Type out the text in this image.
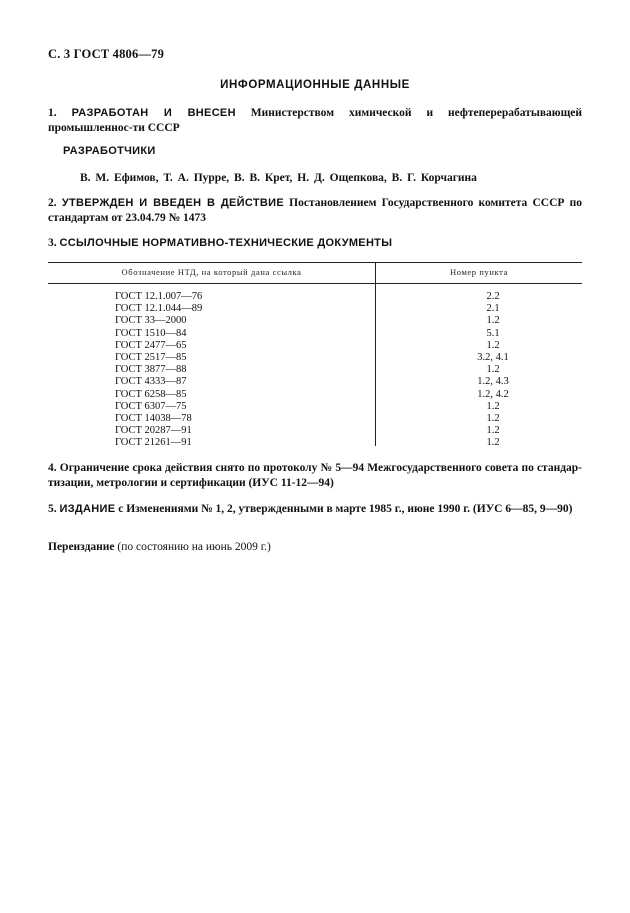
С. 3 ГОСТ 4806—79
ИНФОРМАЦИОННЫЕ ДАННЫЕ
1. РАЗРАБОТАН И ВНЕСЕН Министерством химической и нефтеперерабатывающей промышленнос-ти СССР
РАЗРАБОТЧИКИ
В. М. Ефимов, Т. А. Пурре, В. В. Крет, Н. Д. Ощепкова, В. Г. Корчагина
2. УТВЕРЖДЕН И ВВЕДЕН В ДЕЙСТВИЕ Постановлением Государственного комитета СССР по стандартам от 23.04.79 № 1473
3. ССЫЛОЧНЫЕ НОРМАТИВНО-ТЕХНИЧЕСКИЕ ДОКУМЕНТЫ
Обозначение НТД, на который дана ссылка	Номер пункта
ГОСТ 12.1.007—76	2.2
ГОСТ 12.1.044—89	2.1
ГОСТ 33—2000	1.2
ГОСТ 1510—84	5.1
ГОСТ 2477—65	1.2
ГОСТ 2517—85	3.2, 4.1
ГОСТ 3877—88	1.2
ГОСТ 4333—87	1.2, 4.3
ГОСТ 6258—85	1.2, 4.2
ГОСТ 6307—75	1.2
ГОСТ 14038—78	1.2
ГОСТ 20287—91	1.2
ГОСТ 21261—91	1.2
4. Ограничение срока действия снято по протоколу № 5—94 Межгосударственного совета по стандар-тизации, метрологии и сертификации (ИУС 11-12—94)
5. ИЗДАНИЕ с Изменениями № 1, 2, утвержденными в марте 1985 г., июне 1990 г. (ИУС 6—85, 9—90)
Переиздание (по состоянию на июнь 2009 г.)
